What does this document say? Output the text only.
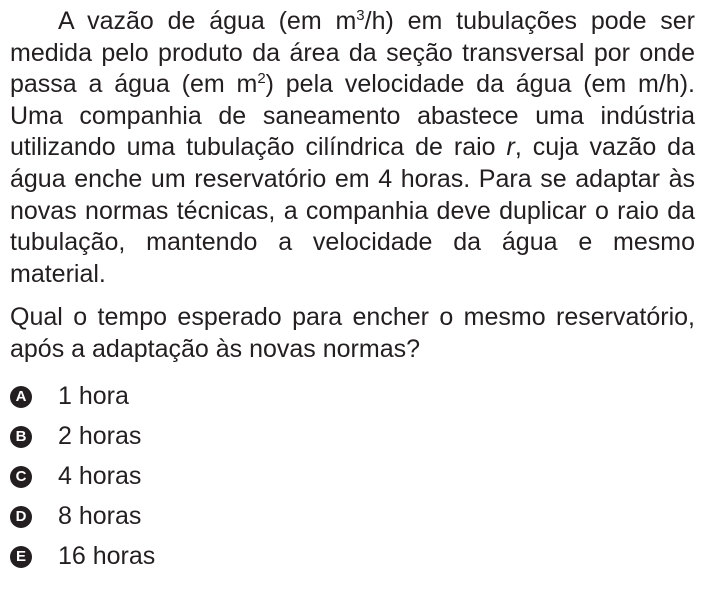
A vazão de água (em $m^3/h$) em tubulações pode ser medida pelo produto da área da seção transversal por onde passa a água (em $m^2$) pela velocidade da água (em m/h). Uma companhia de saneamento abastece uma indústria utilizando uma tubulação cilíndrica de raio r, cuja vazão da água enche um reservatório em 4 horas. Para se adaptar às novas normas técnicas, a companhia deve duplicar o raio da tubulação, mantendo a velocidade da água e mesmo material.

Qual o tempo esperado para encher o mesmo reservatório, após a adaptação às novas normas?

A 1 hora
B 2 horas
C 4 horas
D 8 horas
E 16 horas
